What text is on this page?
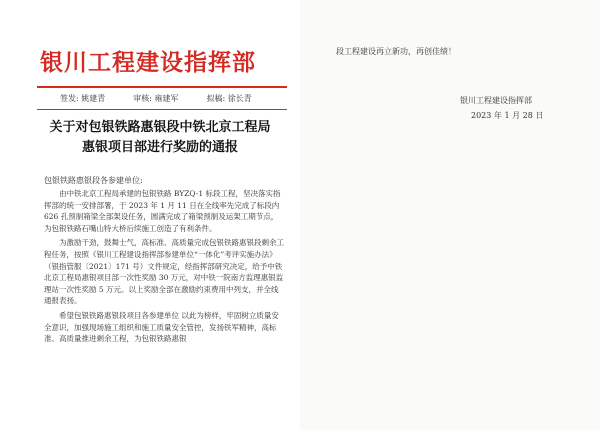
银川工程建设指挥部
签发: 姚建青	审核: 雍建军	拟稿: 徐长青
关于对包银铁路惠银段中铁北京工程局
惠银项目部进行奖励的通报
包银铁路惠银段各参建单位:

由中铁北京工程局承建的包银铁路 BYZQ-1 标段工程，坚决落实指挥部的统一安排部署，于 2023 年 1 月 11 日在全线率先完成了标段内 626 孔预制箱梁全部架设任务，圆满完成了箱梁预制及运架工期节点，为包银铁路石嘴山特大桥后续施工创造了有利条件。

为激励干劲，鼓舞士气，高标准、高质量完成包银铁路惠银段剩余工程任务，按照《银川工程建设指挥部参建单位“一体化”考评实施办法》（银指管服〔2021〕171 号）文件规定，经指挥部研究决定，给予中铁北京工程局惠银项目部一次性奖励 30 万元，对中铁一院南方监理惠银监理站一次性奖励 5 万元。以上奖励全部在激励约束费用中列支，并全线通报表扬。

希望包银铁路惠银段项目各参建单位 以此为榜样，牢固树立质量安全意识，加强现场施工组织和施工质量安全管控，发扬铁军精神，高标准、高质量推进剩余工程，为包银铁路惠银

段工程建设再立新功，再创佳绩！
银川工程建设指挥部
2023 年 1 月 28 日
